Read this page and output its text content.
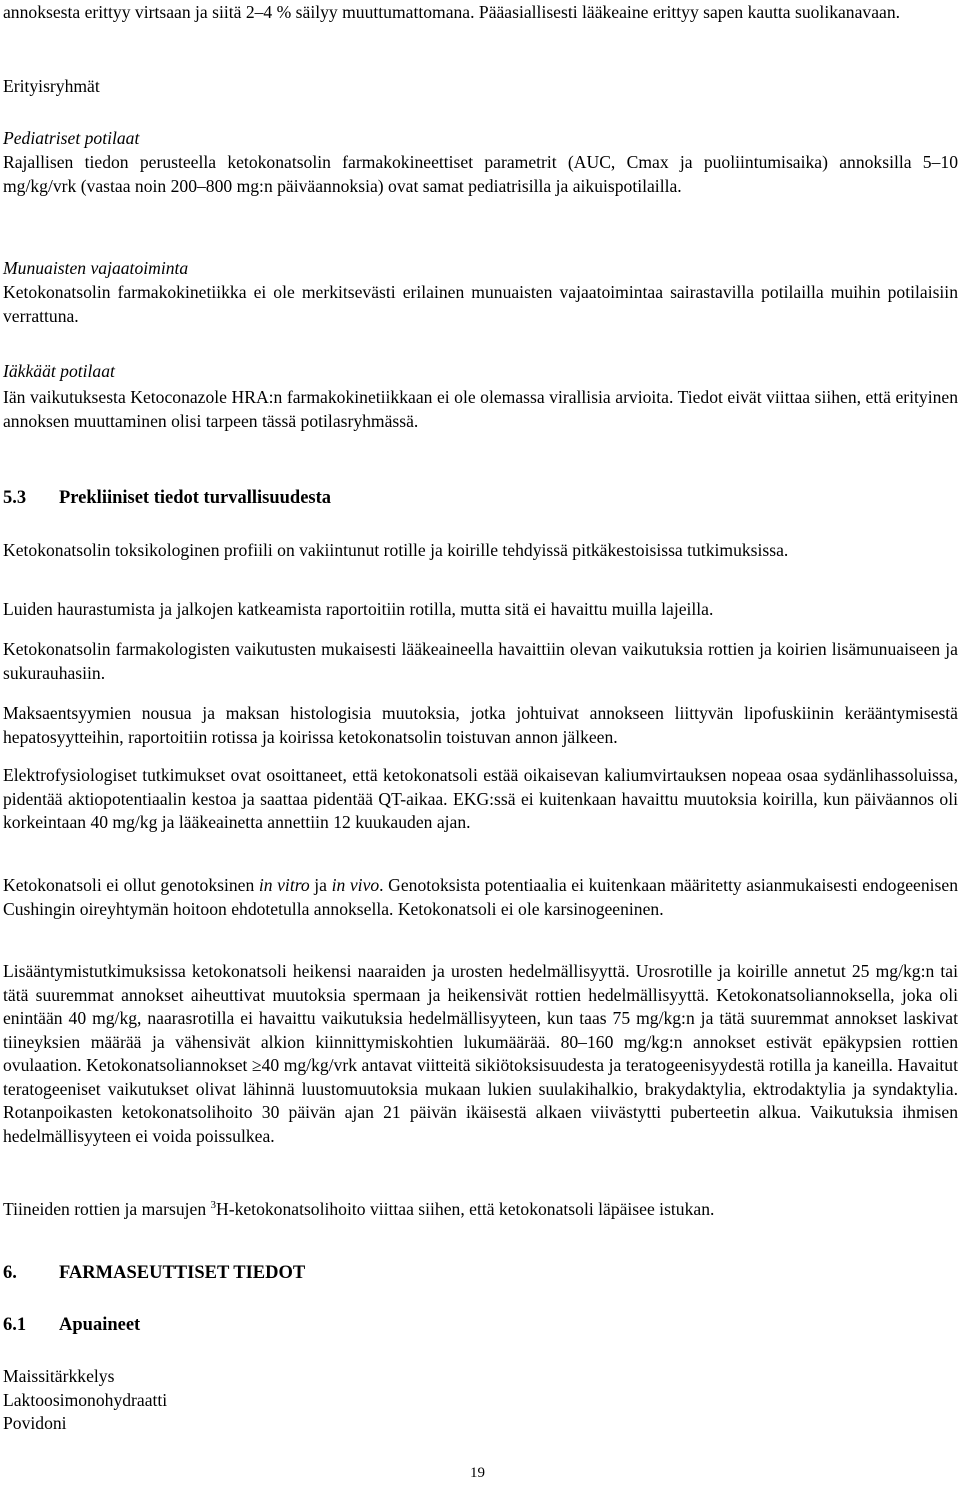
annoksesta erittyy virtsaan ja siitä 2–4 % säilyy muuttumattomana. Pääasiallisesti lääkeaine erittyy sapen kautta suolikanavaan.

Erityisryhmät

Pediatriset potilaat

Rajallisen tiedon perusteella ketokonatsolin farmakokineettiset parametrit (AUC, Cmax ja puoliintumisaika) annoksilla 5–10 mg/kg/vrk (vastaa noin 200–800 mg:n päiväannoksia) ovat samat pediatrisilla ja aikuispotilailla.

Munuaisten vajaatoiminta

Ketokonatsolin farmakokinetiikka ei ole merkitsevästi erilainen munuaisten vajaatoimintaa sairastavilla potilailla muihin potilaisiin verrattuna.

Iäkkäät potilaat

Iän vaikutuksesta Ketoconazole HRA:n farmakokinetiikkaan ei ole olemassa virallisia arvioita. Tiedot eivät viittaa siihen, että erityinen annoksen muuttaminen olisi tarpeen tässä potilasryhmässä.

5.3 Prekliiniset tiedot turvallisuudesta

Ketokonatsolin toksikologinen profiili on vakiintunut rotille ja koirille tehdyissä pitkäkestoisissa tutkimuksissa.

Luiden haurastumista ja jalkojen katkeamista raportoitiin rotilla, mutta sitä ei havaittu muilla lajeilla.

Ketokonatsolin farmakologisten vaikutusten mukaisesti lääkeaineella havaittiin olevan vaikutuksia rottien ja koirien lisämunuaiseen ja sukurauhasiin.

Maksaentsyymien nousua ja maksan histologisia muutoksia, jotka johtuivat annokseen liittyvän lipofuskiinin kerääntymisestä hepatosyytteihin, raportoitiin rotissa ja koirissa ketokonatsolin toistuvan annon jälkeen.

Elektrofysiologiset tutkimukset ovat osoittaneet, että ketokonatsoli estää oikaisevan kaliumvirtauksen nopeaa osaa sydänlihassoluissa, pidentää aktiopotentiaalin kestoa ja saattaa pidentää QT-aikaa. EKG:ssä ei kuitenkaan havaittu muutoksia koirilla, kun päiväannos oli korkeintaan 40 mg/kg ja lääkeainetta annettiin 12 kuukauden ajan.

Ketokonatsoli ei ollut genotoksinen in vitro ja in vivo. Genotoksista potentiaalia ei kuitenkaan määritetty asianmukaisesti endogeenisen Cushingin oireyhtymän hoitoon ehdotetulla annoksella. Ketokonatsoli ei ole karsinogeeninen.

Lisääntymistutkimuksissa ketokonatsoli heikensi naaraiden ja urosten hedelmällisyyttä. Urosrotille ja koirille annetut 25 mg/kg:n tai tätä suuremmat annokset aiheuttivat muutoksia spermaan ja heikensivät rottien hedelmällisyyttä. Ketokonatsoliannoksella, joka oli enintään 40 mg/kg, naarasrotilla ei havaittu vaikutuksia hedelmällisyyteen, kun taas 75 mg/kg:n ja tätä suuremmat annokset laskivat tiineyksien määrää ja vähensivät alkion kiinnittymiskohtien lukumäärää. 80–160 mg/kg:n annokset estivät epäkypsien rottien ovulaation. Ketokonatsoliannokset ≥40 mg/kg/vrk antavat viitteitä sikiötoksisuudesta ja teratogeenisyydestä rotilla ja kaneilla. Havaitut teratogeeniset vaikutukset olivat lähinnä luustomuutoksia mukaan lukien suulakihalkio, brakydaktylia, ektrodaktylia ja syndaktylia. Rotanpoikasten ketokonatsolihoito 30 päivän ajan 21 päivän ikäisestä alkaen viivästytti puberteetin alkua. Vaikutuksia ihmisen hedelmällisyyteen ei voida poissulkea.

Tiineiden rottien ja marsujen $^3$H-ketokonatsolihoito viittaa siihen, että ketokonatsoli läpäisee istukan.

6. FARMASEUTTISET TIEDOT

6.1 Apuaineet

Maissitärkkelys
Laktoosimonohydraatti
Povidoni
19
